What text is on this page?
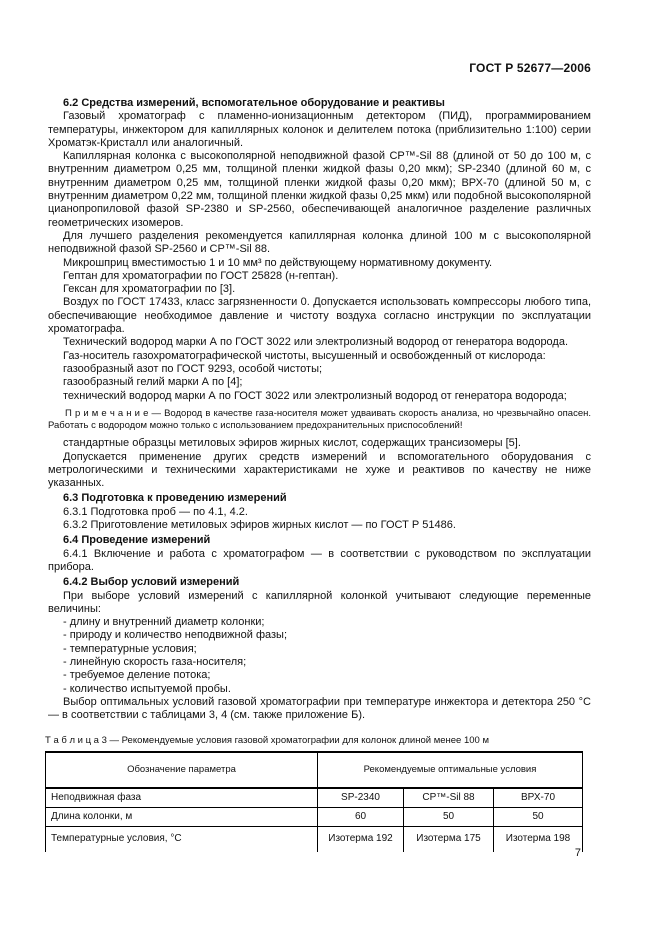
ГОСТ Р 52677—2006
6.2 Средства измерений, вспомогательное оборудование и реактивы
Газовый хроматограф с пламенно-ионизационным детектором (ПИД), программированием температуры, инжектором для капиллярных колонок и делителем потока (приблизительно 1:100) серии Хроматэк-Кристалл или аналогичный.
Капиллярная колонка с высокополярной неподвижной фазой CP™-Sil 88 (длиной от 50 до 100 м, с внутренним диаметром 0,25 мм, толщиной пленки жидкой фазы 0,20 мкм); SP-2340 (длиной 60 м, с внутренним диаметром 0,25 мм, толщиной пленки жидкой фазы 0,20 мкм); ВРХ-70 (длиной 50 м, с внутренним диаметром 0,22 мм, толщиной пленки жидкой фазы 0,25 мкм) или подобной высокополярной цианопропиловой фазой SP-2380 и SP-2560, обеспечивающей аналогичное разделение различных геометрических изомеров.
Для лучшего разделения рекомендуется капиллярная колонка длиной 100 м с высокополярной неподвижной фазой SP-2560 и CP™-Sil 88.
Микрошприц вместимостью 1 и 10 мм³ по действующему нормативному документу.
Гептан для хроматографии по ГОСТ 25828 (н-гептан).
Гексан для хроматографии по [3].
Воздух по ГОСТ 17433, класс загрязненности 0. Допускается использовать компрессоры любого типа, обеспечивающие необходимое давление и чистоту воздуха согласно инструкции по эксплуатации хроматографа.
Технический водород марки А по ГОСТ 3022 или электролизный водород от генератора водорода.
Газ-носитель газохроматографической чистоты, высушенный и освобожденный от кислорода:
газообразный азот по ГОСТ 9293, особой чистоты;
газообразный гелий марки А по [4];
технический водород марки А по ГОСТ 3022 или электролизный водород от генератора водорода;
П р и м е ч а н и е — Водород в качестве газа-носителя может удваивать скорость анализа, но чрезвычайно опасен. Работать с водородом можно только с использованием предохранительных приспособлений!
стандартные образцы метиловых эфиров жирных кислот, содержащих трансизомеры [5].
Допускается применение других средств измерений и вспомогательного оборудования с метрологическими и техническими характеристиками не хуже и реактивов по качеству не ниже указанных.
6.3 Подготовка к проведению измерений
6.3.1 Подготовка проб — по 4.1, 4.2.
6.3.2 Приготовление метиловых эфиров жирных кислот — по ГОСТ Р 51486.
6.4 Проведение измерений
6.4.1 Включение и работа с хроматографом — в соответствии с руководством по эксплуатации прибора.
6.4.2 Выбор условий измерений
При выборе условий измерений с капиллярной колонкой учитывают следующие переменные величины:
- длину и внутренний диаметр колонки;
- природу и количество неподвижной фазы;
- температурные условия;
- линейную скорость газа-носителя;
- требуемое деление потока;
- количество испытуемой пробы.
Выбор оптимальных условий газовой хроматографии при температуре инжектора и детектора 250 °С — в соответствии с таблицами 3, 4 (см. также приложение Б).
Т а б л и ц а 3 — Рекомендуемые условия газовой хроматографии для колонок длиной менее 100 м
Обозначение параметра	Рекомендуемые оптимальные условия		
Неподвижная фаза	SP-2340	CP™-Sil 88	ВРХ-70
Длина колонки, м	60	50	50
Температурные условия, °С	Изотерма 192	Изотерма 175	Изотерма 198
7
